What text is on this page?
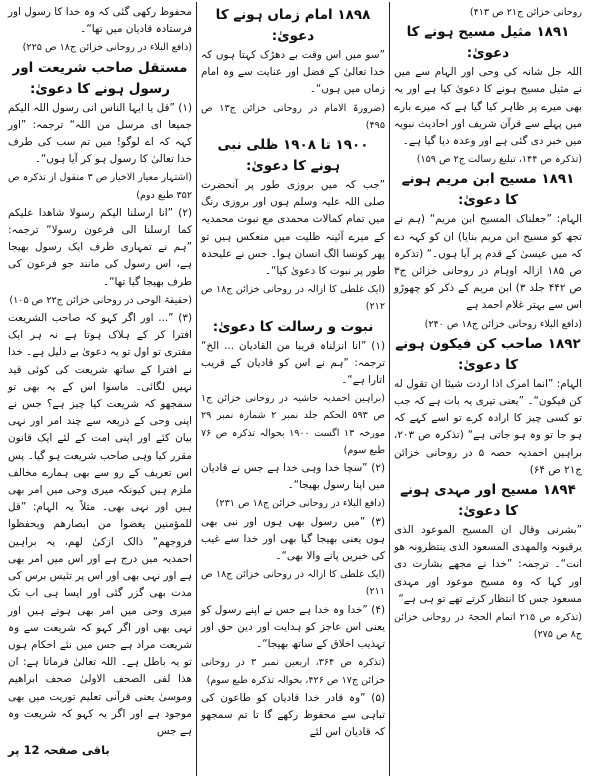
روحانی خزائن ج۲۱ ص ۴۱۳)
۱۸۹۱ مثیل مسیح ہونے کا دعویٰ:
اللہ جل شانہ کی وحی اور الہام سے میں نے مثیل مسیح ہونے کا دعویٰ کیا ہے اور یہ بھی میرے پر ظاہر کیا گیا ہے کہ میرے بارے میں پہلے سے قرآن شریف اور احادیث نبویہ میں خبر دی گئی ہے اور وعدہ دیا گیا ہے۔
(تذکرہ ص ۱۴۴، تبلیغ رسالت ج۲ ص ۱۵۹)
۱۸۹۱ مسیح ابن مریم ہونے کا دعویٰ:
الہام: ”جعلناک المسیح ابن مریم“ (ہم نے تجھ کو مسیح ابن مریم بنایا) ان کو کہہ دے کہ میں عیسیٰ کے قدم پر آیا ہوں۔“ (تذکرہ ص ۱۸۵ ازالہ اوہام در روحانی خزائن ج۳ ص ۴۴۲ جلد ۳) ابن مریم کے ذکر کو چھوڑو اس سے بہتر غلام احمد ہے
(دافع البلاء روحانی خزائن ج۱۸ ص ۲۴۰)
۱۸۹۲ صاحب کن فیکون ہونے کا دعویٰ:
الہام: ”انما امرک اذا اردت شیئا ان تقول له کن فیکون“۔ ”یعنی تیری یہ بات ہے کہ جب تو کسی چیز کا ارادہ کرے تو اسے کہے کہ ہو جا تو وہ ہو جاتی ہے“ (تذکرہ ص ۲۰۳، براہین احمدیہ حصہ ۵ در روحانی خزائن ج۲۱ ص ۶۴)
۱۸۹۴ مسیح اور مہدی ہونے کا دعویٰ:
”بشرنی وقال ان المسیح الموعود الذی یرقبونہ والمھدی المسعود الذی ینتظرونہ ھو انت“۔ ترجمہ: ”خدا نے مجھے بشارت دی اور کہا کہ وہ مسیح موعود اور مہدی مسعود جس کا انتظار کرتے تھے تو ہی ہے“
(تذکرہ ص ۲۱۵ اتمام الحجۃ در روحانی خزائن ج۸ ص ۲۷۵)
۱۸۹۸ امام زماں ہونے کا دعویٰ:
”سو میں اس وقت بے دھڑک کہتا ہوں کہ خدا تعالیٰ کے فضل اور عنایت سے وہ امام زماں میں ہوں“۔
(ضرورۃ الامام در روحانی خزائن ج۱۳ ص ۴۹۵)
۱۹۰۰ تا ۱۹۰۸ ظلی نبی ہونے کا دعویٰ:
”جب کہ میں بروزی طور پر آنحضرت صلی اللہ علیہ وسلم ہوں اور بروزی رنگ میں تمام کمالات محمدی مع نبوت محمدیہ کے میرے آئینہ ظلیت میں منعکس ہیں تو پھر کونسا الگ انسان ہوا۔ جس نے علیحدہ طور پر نبوت کا دعویٰ کیا“۔
(ایک غلطی کا ازالہ در روحانی خزائن ج۱۸ ص ۲۱۲)
نبوت و رسالت کا دعویٰ:
(۱) ”انا انزلناہ قریبا من القادیان ... الخ“ ترجمہ: ”ہم نے اس کو قادیان کے قریب اتارا ہے“۔
(براہین احمدیہ حاشیہ در روحانی خزائن ج۱ ص ۵۹۳ الحکم جلد نمبر ۲ شمارہ نمبر ۲۹ مورخہ ۱۳ اگست ۱۹۰۰ بحوالہ تذکرہ ص ۷۶ طبع سوم)
(۲) ”سچا خدا وہی خدا ہے جس نے قادیان میں اپنا رسول بھیجا“۔
(دافع البلاء در روحانی خزائن ج۱۸ ص ۲۳۱)
(۳) ”میں رسول بھی ہوں اور نبی بھی ہوں یعنی بھیجا گیا بھی اور خدا سے غیب کی خبریں پانے والا بھی“۔
(ایک غلطی کا ازالہ در روحانی خزائن ج۱۸ ص ۲۱۱)
(۴) ”خدا وہ خدا ہے جس نے اپنے رسول کو یعنی اس عاجز کو ہدایت اور دین حق اور تہذیب اخلاق کے ساتھ بھیجا“۔
(تذکرہ ص ۳۶۴، اربعین نمبر ۳ در روحانی خزائن ج۱۷ ص ۴۲۶، بحوالہ تذکرہ طبع سوم)
(۵) ”وہ قادر خدا قادیان کو طاعون کی تباہی سے محفوظ رکھے گا تا تم سمجھو کہ قادیان اس لئے
محفوظ رکھی گئی کہ وہ خدا کا رسول اور فرستادہ قادیان میں تھا“۔
(دافع البلاء در روحانی خزائن ج۱۸ ص ۲۲۵)
مستقل صاحب شریعت اور رسول ہونے کا دعویٰ:
(۱) ”قل یا ایہا الناس انی رسول اللہ الیکم جمیعا ای مرسل من اللہ“ ترجمہ: ”اور کہہ کہ اے لوگو! میں تم سب کی طرف خدا تعالیٰ کا رسول ہو کر آیا ہوں“۔
(اشتہار معیار الاخیار ص ۳ منقول از تذکرہ ص ۳۵۲ طبع دوم)
(۲) ”انا ارسلنا الیکم رسولا شاھدا علیکم کما ارسلنا الی فرعون رسولا“ ترجمہ: ”ہم نے تمہاری طرف ایک رسول بھیجا ہے، اس رسول کی مانند جو فرعون کی طرف بھیجا گیا تھا“۔
(حقیقۃ الوحی در روحانی خزائن ج۲۲ ص ۱۰۵)
(۳) ”... اور اگر کہو کہ صاحب الشریعت افترا کر کے ہلاک ہوتا ہے نہ ہر ایک مفتری تو اول تو یہ دعویٰ بے دلیل ہے۔ خدا نے افترا کے ساتھ شریعت کی کوئی قید نہیں لگائی۔ ماسوا اس کے یہ بھی تو سمجھو کہ شریعت کیا چیز ہے؟ جس نے اپنی وحی کے ذریعہ سے چند امر اور نہی بیان کئے اور اپنی امت کے لئے ایک قانون مقرر کیا وہی صاحب شریعت ہو گیا۔ پس اس تعریف کے رو سے بھی ہمارے مخالف ملزم ہیں کیونکہ میری وحی میں امر بھی ہیں اور نہی بھی۔ مثلاً یہ الہام: ”قل للمؤمنین یغضوا من ابصارھم ویحفظوا فروجھم“ ذالک ازکیٰ لھم، یہ براہین احمدیہ میں درج ہے اور اس میں امر بھی ہے اور نہی بھی اور اس پر تئیس برس کی مدت بھی گزر گئی اور ایسا ہی اب تک میری وحی میں امر بھی ہوتے ہیں اور نہی بھی اور اگر کہو کہ شریعت سے وہ شریعت مراد ہے جس میں نئے احکام ہوں تو یہ باطل ہے۔ اللہ تعالیٰ فرماتا ہے: ان ھذا لفی الصحف الاولیٰ صحف ابراھیم وموسیٰ یعنی قرآنی تعلیم توریت میں بھی موجود ہے اور اگر یہ کہو کہ شریعت وہ ہے جس
باقی صفحہ 12 پر
